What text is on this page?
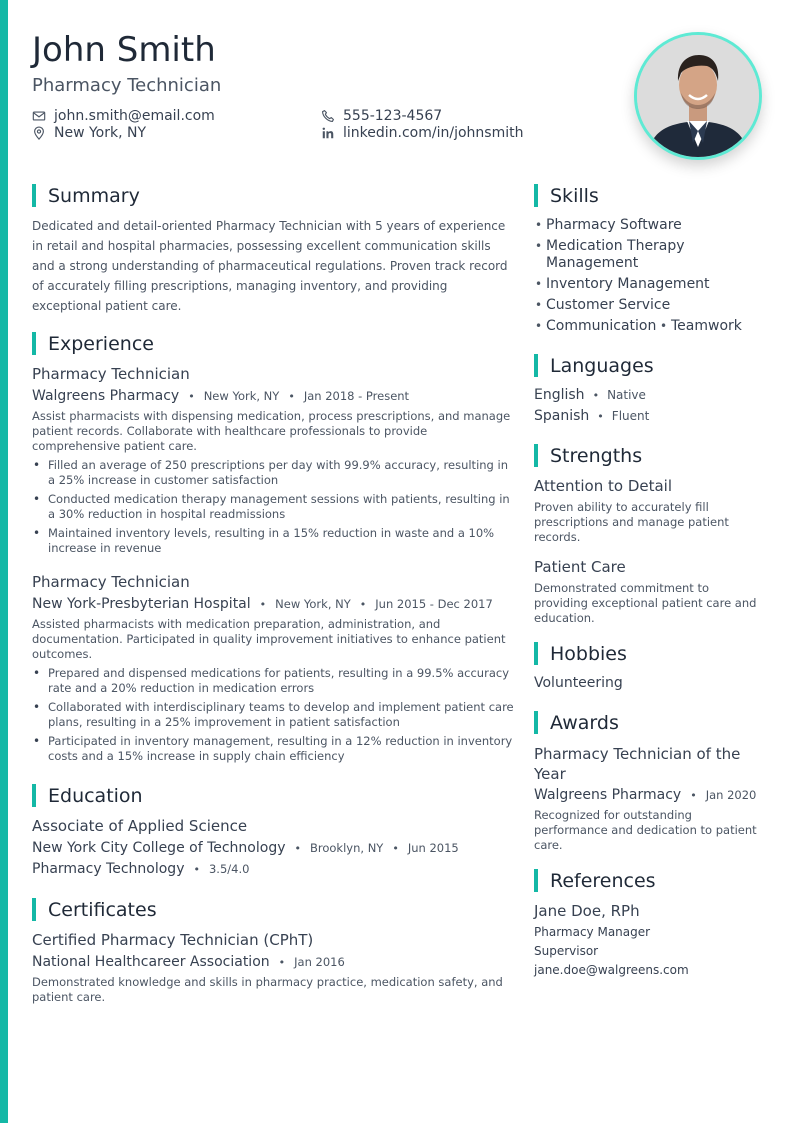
John Smith
Pharmacy Technician
john.smith@email.com	555-123-4567
New York, NY	linkedin.com/in/johnsmith
Summary
Dedicated and detail-oriented Pharmacy Technician with 5 years of experience in retail and hospital pharmacies, possessing excellent communication skills and a strong understanding of pharmaceutical regulations. Proven track record of accurately filling prescriptions, managing inventory, and providing exceptional patient care.
Experience
Pharmacy Technician
Walgreens Pharmacy • New York, NY • Jan 2018 - Present
Assist pharmacists with dispensing medication, process prescriptions, and manage patient records. Collaborate with healthcare professionals to provide comprehensive patient care.
• Filled an average of 250 prescriptions per day with 99.9% accuracy, resulting in a 25% increase in customer satisfaction
• Conducted medication therapy management sessions with patients, resulting in a 30% reduction in hospital readmissions
• Maintained inventory levels, resulting in a 15% reduction in waste and a 10% increase in revenue
Pharmacy Technician
New York-Presbyterian Hospital • New York, NY • Jun 2015 - Dec 2017
Assisted pharmacists with medication preparation, administration, and documentation. Participated in quality improvement initiatives to enhance patient outcomes.
• Prepared and dispensed medications for patients, resulting in a 99.5% accuracy rate and a 20% reduction in medication errors
• Collaborated with interdisciplinary teams to develop and implement patient care plans, resulting in a 25% improvement in patient satisfaction
• Participated in inventory management, resulting in a 12% reduction in inventory costs and a 15% increase in supply chain efficiency
Education
Associate of Applied Science
New York City College of Technology • Brooklyn, NY • Jun 2015
Pharmacy Technology • 3.5/4.0
Certificates
Certified Pharmacy Technician (CPhT)
National Healthcareer Association • Jan 2016
Demonstrated knowledge and skills in pharmacy practice, medication safety, and patient care.
Skills
• Pharmacy Software
• Medication Therapy Management
• Inventory Management
• Customer Service
• Communication
•	Teamwork
Languages
English • Native
Spanish • Fluent
Strengths
Attention to Detail
Proven ability to accurately fill prescriptions and manage patient records.
Patient Care
Demonstrated commitment to providing exceptional patient care and education.
Hobbies
Volunteering
Awards
Pharmacy Technician of the Year
Walgreens Pharmacy • Jan 2020
Recognized for outstanding performance and dedication to patient care.
References
Jane Doe, RPh
Pharmacy Manager
Supervisor
jane.doe@walgreens.com
